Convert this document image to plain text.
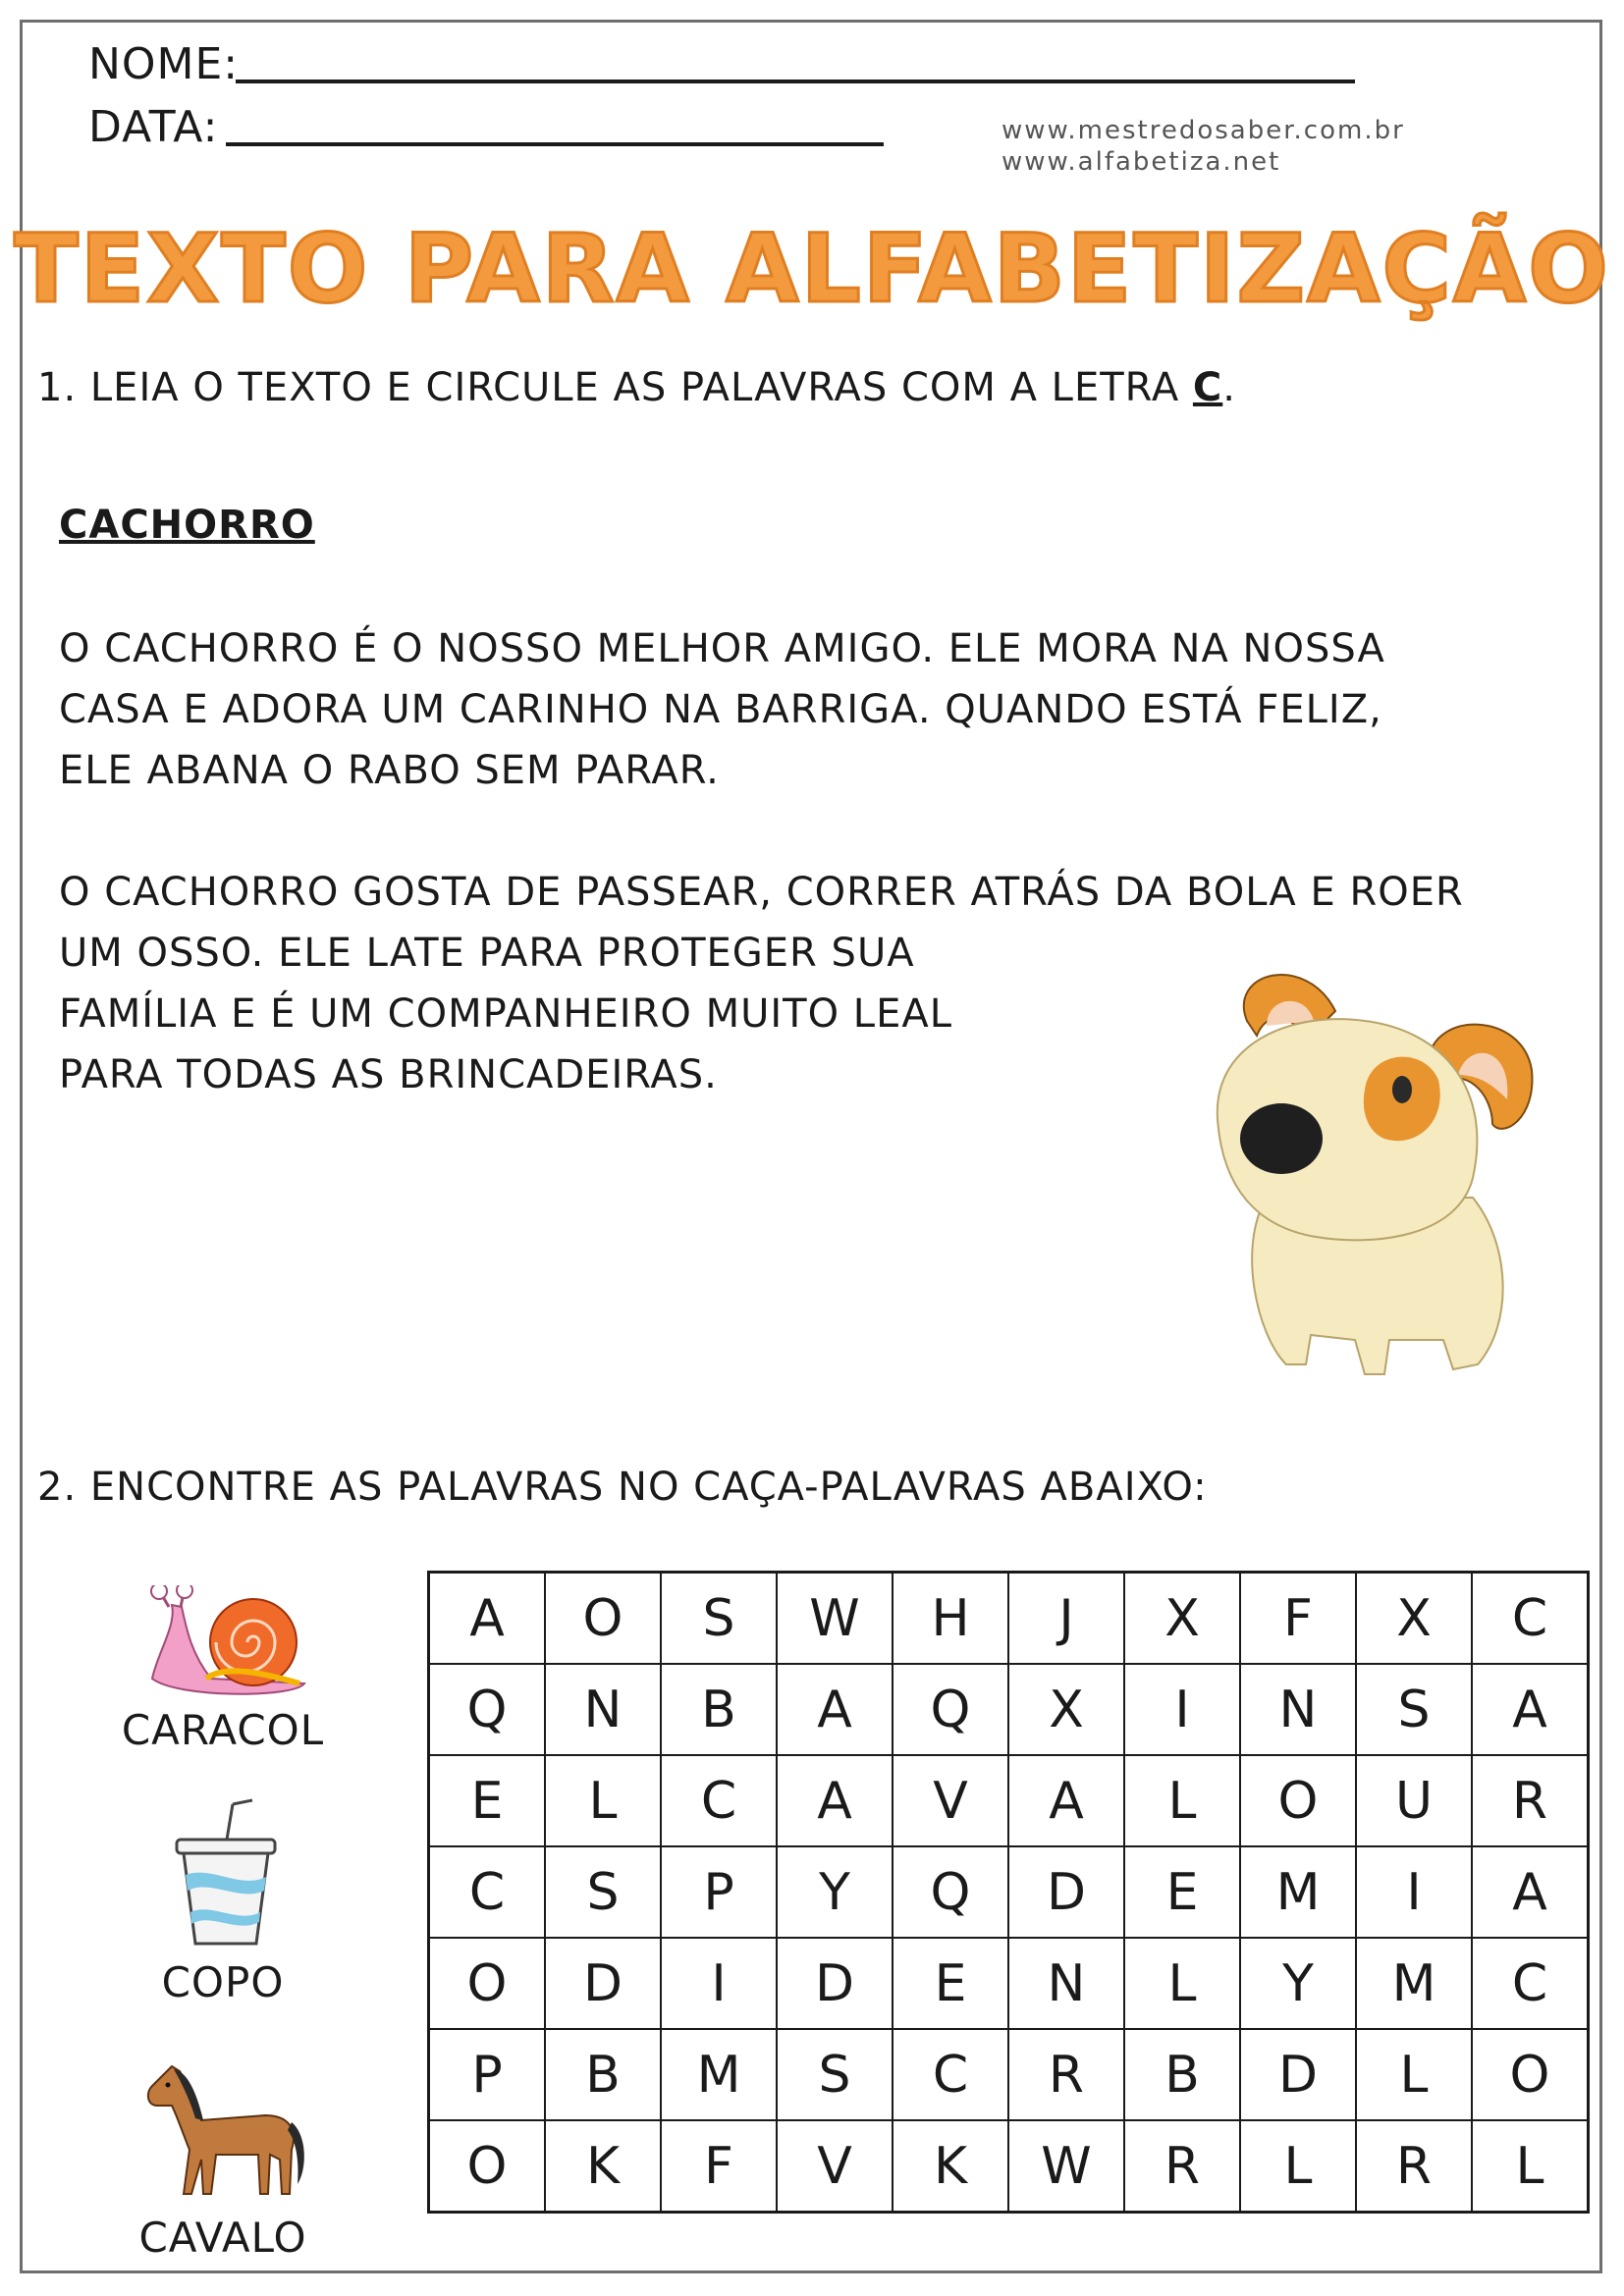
NOME:
DATA:	www.mestredosaber.com.br
www.alfabetiza.net
TEXTO PARA ALFABETIZAÇÃO
1. LEIA O TEXTO E CIRCULE AS PALAVRAS COM A LETRA C.
CACHORRO
O CACHORRO É O NOSSO MELHOR AMIGO. ELE MORA NA NOSSA
CASA E ADORA UM CARINHO NA BARRIGA. QUANDO ESTÁ FELIZ,
ELE ABANA O RABO SEM PARAR.
O CACHORRO GOSTA DE PASSEAR, CORRER ATRÁS DA BOLA E ROER
UM OSSO. ELE LATE PARA PROTEGER SUA
FAMÍLIA E É UM COMPANHEIRO MUITO LEAL
PARA TODAS AS BRINCADEIRAS.
2. ENCONTRE AS PALAVRAS NO CAÇA-PALAVRAS ABAIXO:
CARACOL
COPO
CAVALO
A	O	S	W	H	J	X	F	X	C
Q	N	B	A	Q	X	I	N	S	A
E	L	C	A	V	A	L	O	U	R
C	S	P	Y	Q	D	E	M	I	A
O	D	I	D	E	N	L	Y	M	C
P	B	M	S	C	R	B	D	L	O
O	K	F	V	K	W	R	L	R	L
